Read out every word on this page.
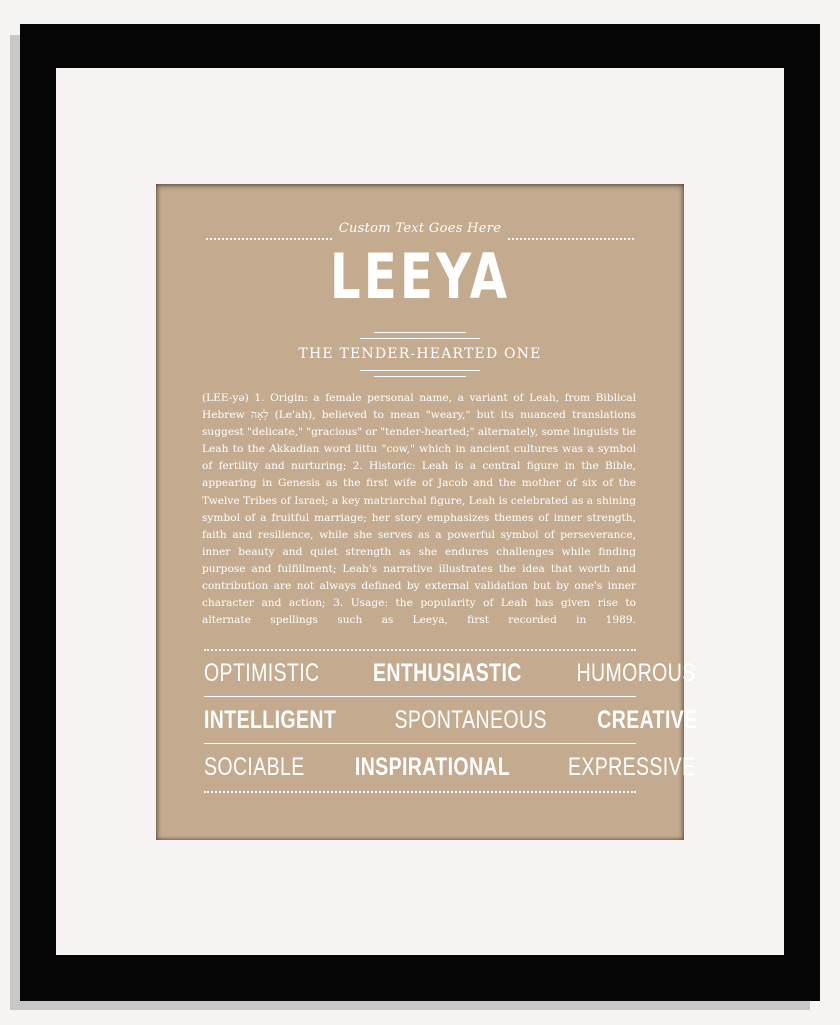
Custom Text Goes Here
LEEYA
THE TENDER-HEARTED ONE
(LEE-yə) 1. Origin: a female personal name, a variant of Leah, from Biblical Hebrew לֵאָה (Le'ah), believed to mean "weary," but its nuanced translations suggest "delicate," "gracious" or "tender-hearted;" alternately, some linguists tie Leah to the Akkadian word littu "cow," which in ancient cultures was a symbol of fertility and nurturing; 2. Historic: Leah is a central figure in the Bible, appearing in Genesis as the first wife of Jacob and the mother of six of the Twelve Tribes of Israel; a key matriarchal figure, Leah is celebrated as a shining symbol of a fruitful marriage; her story emphasizes themes of inner strength, faith and resilience, while she serves as a powerful symbol of perseverance, inner beauty and quiet strength as she endures challenges while finding purpose and fulfillment; Leah's narrative illustrates the idea that worth and contribution are not always defined by external validation but by one's inner character and action; 3. Usage: the popularity of Leah has given rise to alternate spellings such as Leeya, first recorded in 1989.
OPTIMISTIC ENTHUSIASTIC HUMOROUS
INTELLIGENT SPONTANEOUS CREATIVE
SOCIABLE INSPIRATIONAL EXPRESSIVE
